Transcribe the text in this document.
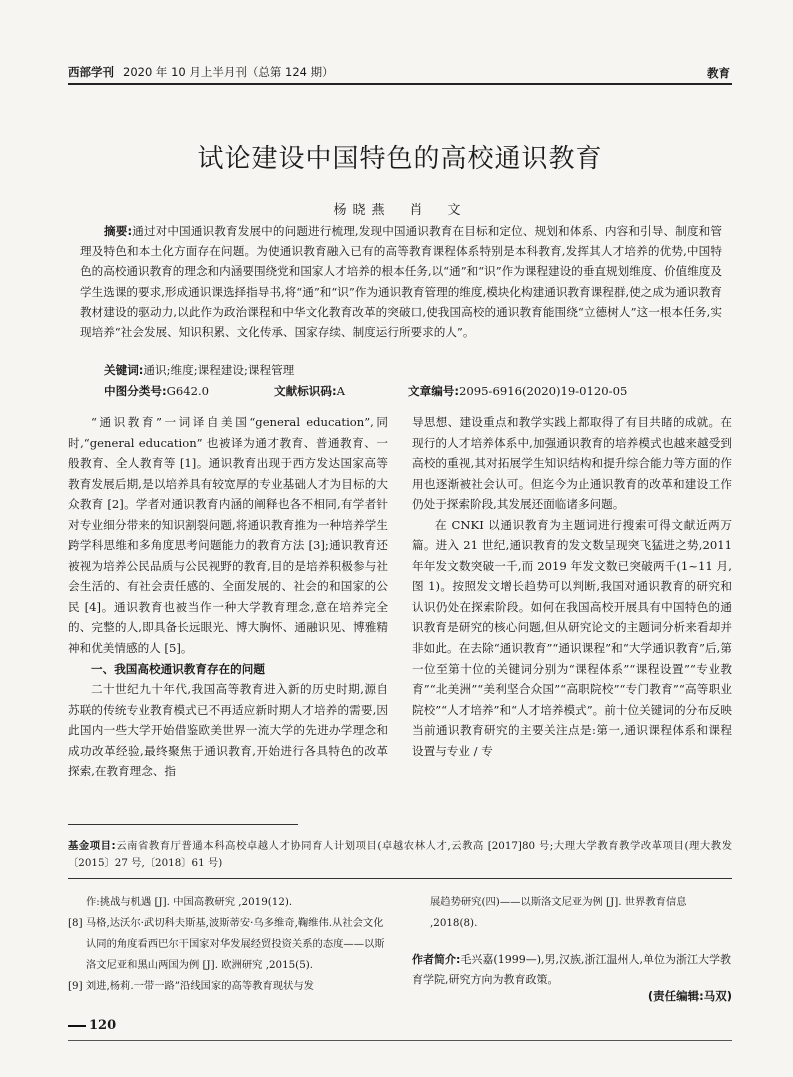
西部学刊 2020 年 10 月上半月刊（总第 124 期）	教育
试论建设中国特色的高校通识教育
杨晓燕　肖　文
摘要:通过对中国通识教育发展中的问题进行梳理,发现中国通识教育在目标和定位、规划和体系、内容和引导、制度和管理及特色和本土化方面存在问题。为使通识教育融入已有的高等教育课程体系特别是本科教育,发挥其人才培养的优势,中国特色的高校通识教育的理念和内涵要围绕党和国家人才培养的根本任务,以“通”和“识”作为课程建设的垂直规划维度、价值维度及学生选课的要求,形成通识课选择指导书,将“通”和“识”作为通识教育管理的维度,模块化构建通识教育课程群,使之成为通识教育教材建设的驱动力,以此作为政治课程和中华文化教育改革的突破口,使我国高校的通识教育能围绕“立德树人”这一根本任务,实现培养“社会发展、知识积累、文化传承、国家存续、制度运行所要求的人”。
关键词:通识;维度;课程建设;课程管理
中图分类号:G642.0	文献标识码:A	文章编号:2095-6916(2020)19-0120-05

“通识教育”一词译自美国“general education”,同时,“general education” 也被译为通才教育、普通教育、一般教育、全人教育等 [1]。通识教育出现于西方发达国家高等教育发展后期,是以培养具有较宽厚的专业基础人才为目标的大众教育 [2]。学者对通识教育内涵的阐释也各不相同,有学者针对专业细分带来的知识割裂问题,将通识教育推为一种培养学生跨学科思维和多角度思考问题能力的教育方法 [3];通识教育还被视为培养公民品质与公民视野的教育,目的是培养积极参与社会生活的、有社会责任感的、全面发展的、社会的和国家的公民 [4]。通识教育也被当作一种大学教育理念,意在培养完全的、完整的人,即具备长远眼光、博大胸怀、通融识见、博雅精神和优美情感的人 [5]。

一、我国高校通识教育存在的问题

二十世纪九十年代,我国高等教育进入新的历史时期,源自苏联的传统专业教育模式已不再适应新时期人才培养的需要,因此国内一些大学开始借鉴欧美世界一流大学的先进办学理念和成功改革经验,最终聚焦于通识教育,开始进行各具特色的改革探索,在教育理念、指

导思想、建设重点和教学实践上都取得了有目共睹的成就。在现行的人才培养体系中,加强通识教育的培养模式也越来越受到高校的重视,其对拓展学生知识结构和提升综合能力等方面的作用也逐渐被社会认可。但迄今为止通识教育的改革和建设工作仍处于探索阶段,其发展还面临诸多问题。

在 CNKI 以通识教育为主题词进行搜索可得文献近两万篇。进入 21 世纪,通识教育的发文数呈现突飞猛进之势,2011 年年发文数突破一千,而 2019 年发文数已突破两千(1~11 月,图 1)。按照发文增长趋势可以判断,我国对通识教育的研究和认识仍处在探索阶段。如何在我国高校开展具有中国特色的通识教育是研究的核心问题,但从研究论文的主题词分析来看却并非如此。在去除“通识教育”“通识课程”和“大学通识教育”后,第一位至第十位的关键词分别为“课程体系”“课程设置”“专业教育”“北美洲”“美利坚合众国”“高职院校”“专门教育”“高等职业院校”“人才培养”和“人才培养模式”。前十位关键词的分布反映当前通识教育研究的主要关注点是:第一,通识课程体系和课程设置与专业 / 专

基金项目:云南省教育厅普通本科高校卓越人才协同育人计划项目(卓越农林人才,云教高 [2017]80 号;大理大学教育教学改革项目(理大教发〔2015〕27 号,〔2018〕61 号)

作:挑战与机遇 [J]. 中国高教研究 ,2019(12).

[8] 马格,达沃尔·武切科夫斯基,波斯蒂安·乌多维奇,鞠维伟.从社会文化认同的角度看西巴尔干国家对华发展经贸投资关系的态度——以斯洛文尼亚和黑山两国为例 [J]. 欧洲研究 ,2015(5).

[9] 刘进,杨莉.一带一路”沿线国家的高等教育现状与发

展趋势研究(四)——以斯洛文尼亚为例 [J]. 世界教育信息 ,2018(8).

作者简介:毛兴嘉(1999—),男,汉族,浙江温州人,单位为浙江大学教育学院,研究方向为教育政策。
(责任编辑:马双)
120
